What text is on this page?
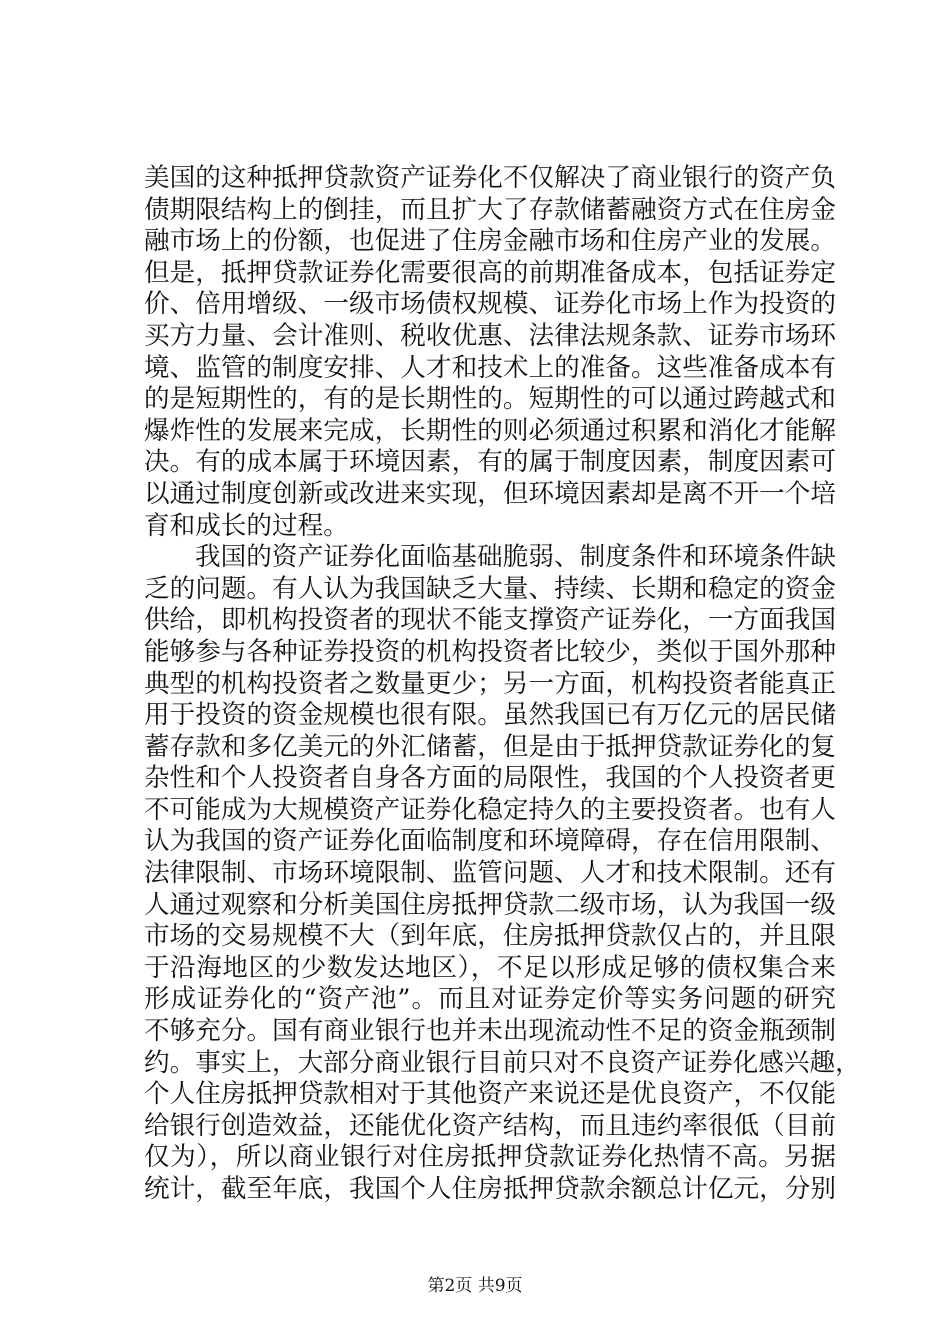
美国的这种抵押贷款资产证券化不仅解决了商业银行的资产负
债期限结构上的倒挂，而且扩大了存款储蓄融资方式在住房金
融市场上的份额，也促进了住房金融市场和住房产业的发展。
但是，抵押贷款证券化需要很高的前期准备成本，包括证券定
价、倍用增级、一级市场债权规模、证券化市场上作为投资的
买方力量、会计准则、税收优惠、法律法规条款、证券市场环
境、监管的制度安排、人才和技术上的准备。这些准备成本有
的是短期性的，有的是长期性的。短期性的可以通过跨越式和
爆炸性的发展来完成，长期性的则必须通过积累和消化才能解
决。有的成本属于环境因素，有的属于制度因素，制度因素可
以通过制度创新或改进来实现，但环境因素却是离不开一个培
育和成长的过程。
我国的资产证券化面临基础脆弱、制度条件和环境条件缺
乏的问题。有人认为我国缺乏大量、持续、长期和稳定的资金
供给，即机构投资者的现状不能支撑资产证券化，一方面我国
能够参与各种证券投资的机构投资者比较少，类似于国外那种
典型的机构投资者之数量更少；另一方面，机构投资者能真正
用于投资的资金规模也很有限。虽然我国已有万亿元的居民储
蓄存款和多亿美元的外汇储蓄，但是由于抵押贷款证券化的复
杂性和个人投资者自身各方面的局限性，我国的个人投资者更
不可能成为大规模资产证券化稳定持久的主要投资者。也有人
认为我国的资产证券化面临制度和环境障碍，存在信用限制、
法律限制、市场环境限制、监管问题、人才和技术限制。还有
人通过观察和分析美国住房抵押贷款二级市场，认为我国一级
市场的交易规模不大（到年底，住房抵押贷款仅占的，并且限
于沿海地区的少数发达地区），不足以形成足够的债权集合来
形成证券化的“资产池”。而且对证券定价等实务问题的研究
不够充分。国有商业银行也并未出现流动性不足的资金瓶颈制
约。事实上，大部分商业银行目前只对不良资产证券化感兴趣，
个人住房抵押贷款相对于其他资产来说还是优良资产，不仅能
给银行创造效益，还能优化资产结构，而且违约率很低（目前
仅为），所以商业银行对住房抵押贷款证券化热情不高。另据
统计，截至年底，我国个人住房抵押贷款余额总计亿元，分别
第2页 共9页
